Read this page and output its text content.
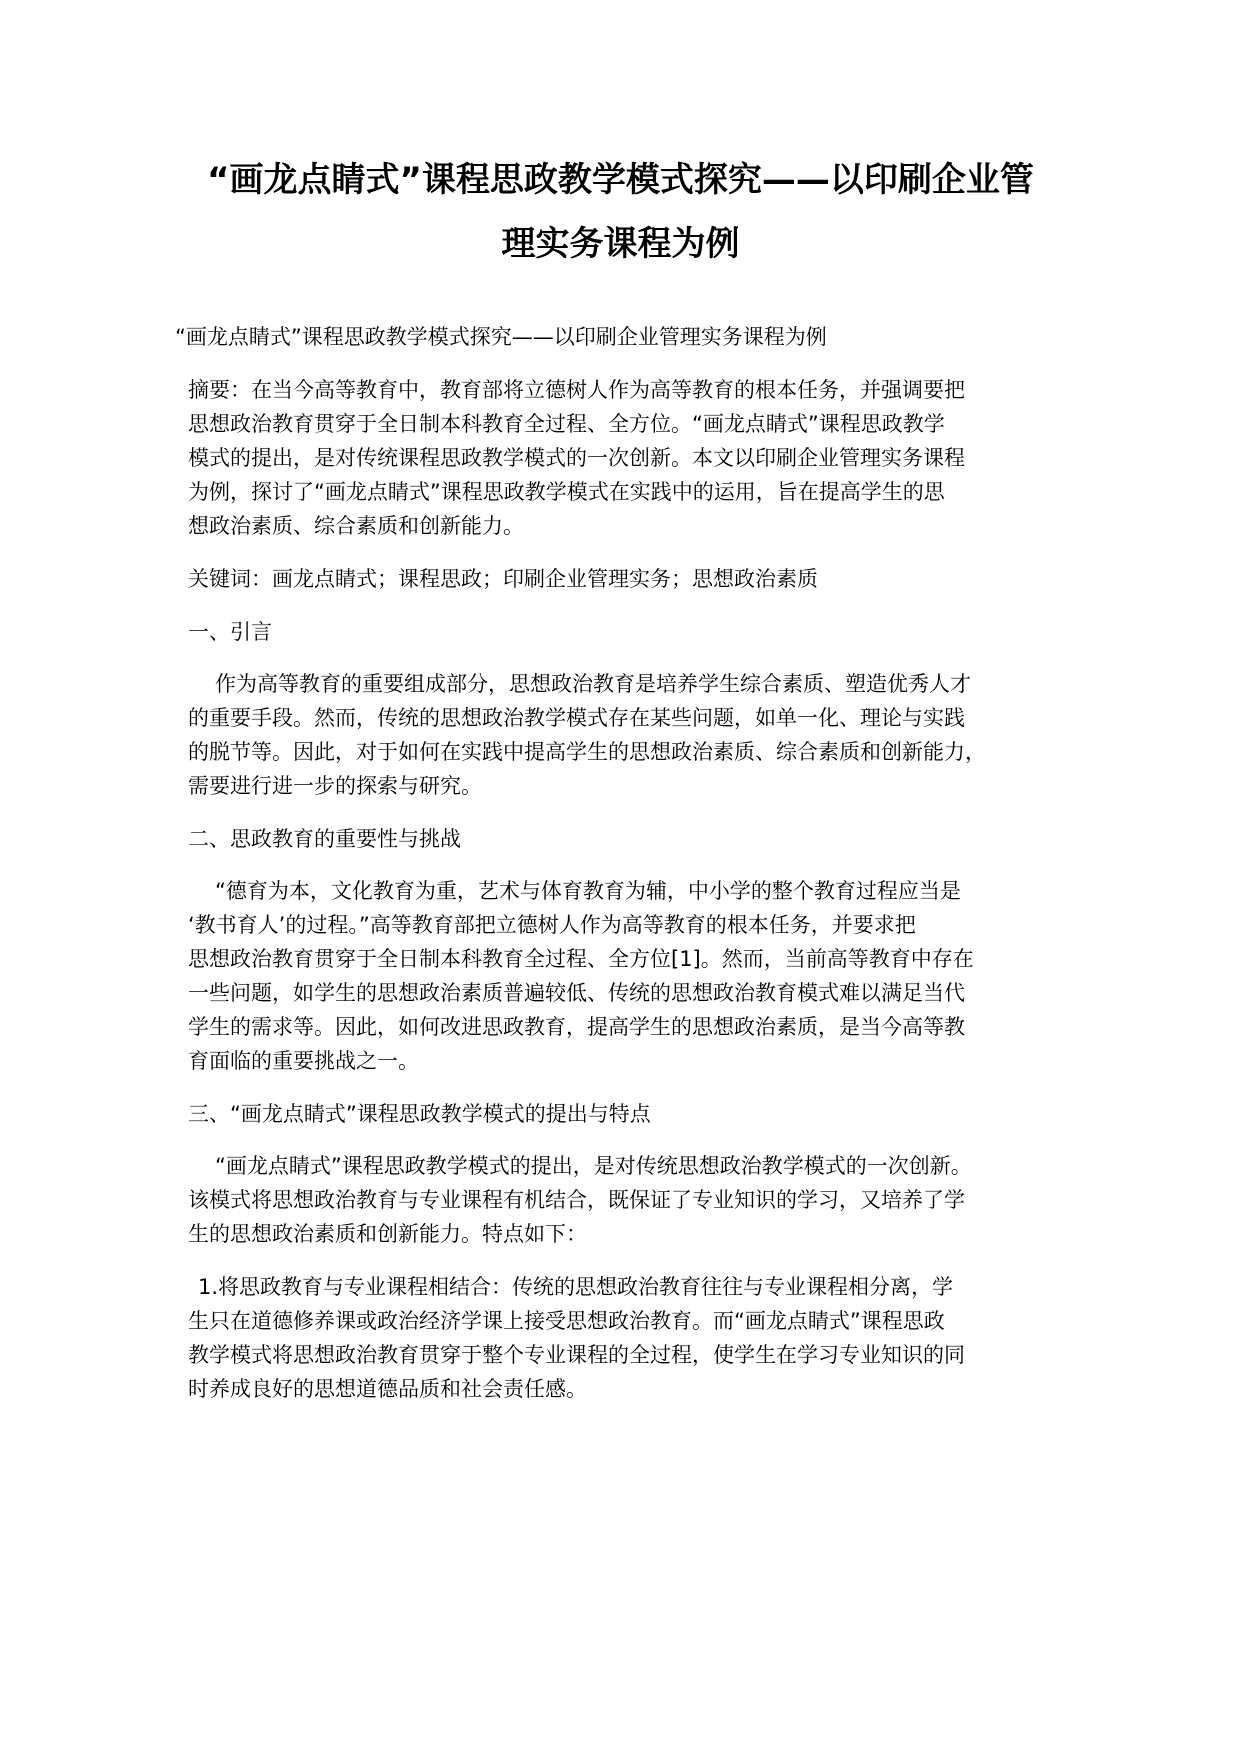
“画龙点睛式”课程思政教学模式探究——以印刷企业管
理实务课程为例
“画龙点睛式”课程思政教学模式探究——以印刷企业管理实务课程为例
摘要：在当今高等教育中，教育部将立德树人作为高等教育的根本任务，并强调要把
思想政治教育贯穿于全日制本科教育全过程、全方位。“画龙点睛式”课程思政教学
模式的提出，是对传统课程思政教学模式的一次创新。本文以印刷企业管理实务课程
为例，探讨了“画龙点睛式”课程思政教学模式在实践中的运用，旨在提高学生的思
想政治素质、综合素质和创新能力。
关键词：画龙点睛式；课程思政；印刷企业管理实务；思想政治素质
一、引言
作为高等教育的重要组成部分，思想政治教育是培养学生综合素质、塑造优秀人才
的重要手段。然而，传统的思想政治教学模式存在某些问题，如单一化、理论与实践
的脱节等。因此，对于如何在实践中提高学生的思想政治素质、综合素质和创新能力，
需要进行进一步的探索与研究。
二、思政教育的重要性与挑战
“德育为本，文化教育为重，艺术与体育教育为辅，中小学的整个教育过程应当是
‘教书育人’的过程。”高等教育部把立德树人作为高等教育的根本任务，并要求把
思想政治教育贯穿于全日制本科教育全过程、全方位[1]。然而，当前高等教育中存在
一些问题，如学生的思想政治素质普遍较低、传统的思想政治教育模式难以满足当代
学生的需求等。因此，如何改进思政教育，提高学生的思想政治素质，是当今高等教
育面临的重要挑战之一。
三、“画龙点睛式”课程思政教学模式的提出与特点
“画龙点睛式”课程思政教学模式的提出，是对传统思想政治教学模式的一次创新。
该模式将思想政治教育与专业课程有机结合，既保证了专业知识的学习，又培养了学
生的思想政治素质和创新能力。特点如下：
1.将思政教育与专业课程相结合：传统的思想政治教育往往与专业课程相分离，学
生只在道德修养课或政治经济学课上接受思想政治教育。而“画龙点睛式”课程思政
教学模式将思想政治教育贯穿于整个专业课程的全过程，使学生在学习专业知识的同
时养成良好的思想道德品质和社会责任感。
